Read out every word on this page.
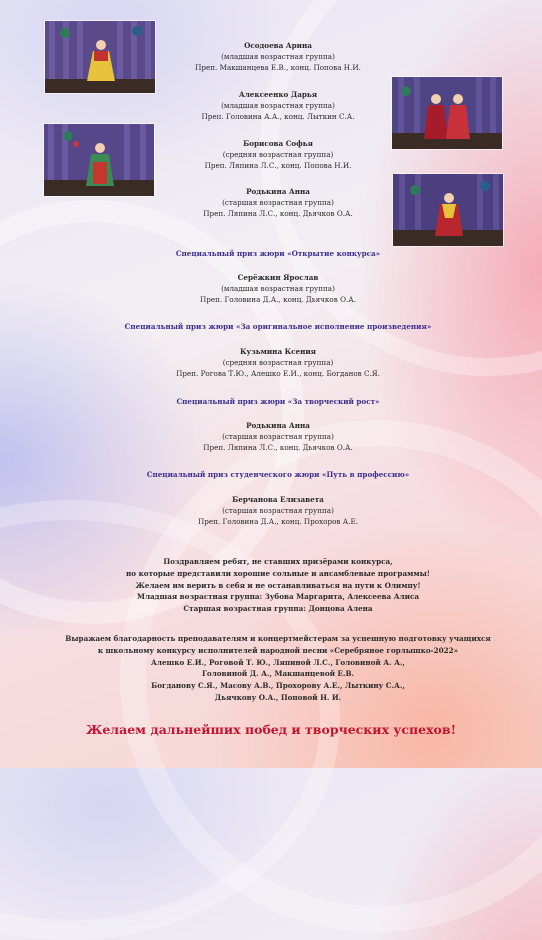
Осодоева Арина
(младшая возрастная группа)
Преп. Макшанцева Е.В., конц. Попова Н.И.
Алексеенко Дарья
(младшая возрастная группа)
Преп. Головина А.А., конц. Лыткин С.А.
Борисова Софья
(средняя возрастная группа)
Преп. Ляпина Л.С., конц. Попова Н.И.
Родькина Анна
(старшая возрастная группа)
Преп. Ляпина Л.С., конц. Дьячков О.А.
Специальный приз жюри «Открытие конкурса»
Серёжкин Ярослав
(младшая возрастная группа)
Преп. Головина Д.А., конц. Дьячков О.А.
Специальный приз жюри «За оригинальное исполнение произведения»
Кузьмина Ксения
(средняя возрастная группа)
Преп. Рогова Т.Ю., Алешко Е.И., конц. Богданов С.Я.
Специальный приз жюри «За творческий рост»
Родькина Анна
(старшая возрастная группа)
Преп. Ляпина Л.С., конц. Дьячков О.А.
Специальный приз студенческого жюри «Путь в профессию»
Берчанова Елизавета
(старшая возрастная группа)
Преп. Головина Д.А., конц. Прохоров А.Е.
Поздравляем ребят, не ставших призёрами конкурса,
но которые представили хорошие сольные и ансамблевые программы!
Желаем им верить в себя и не останавливаться на пути к Олимпу!
Младшая возрастная группа: Зубова Маргарита, Алексеева Алиса
Старшая возрастная группа: Донцова Алена
Выражаем благодарность преподавателям и концертмейстерам за успешную подготовку учащихся
к школьному конкурсу исполнителей народной песни «Серебряное горлышко-2022»
Алешко Е.И., Роговой Т. Ю., Ляпиной Л.С., Головиной А. А.,
Головиной Д. А., Макшанцевой Е.В.
Богданову С.Я., Масову А.В., Прохорову А.Е., Лыткину С.А.,
Дьячкову О.А., Поповой Н. И.
Желаем дальнейших побед и творческих успехов!
